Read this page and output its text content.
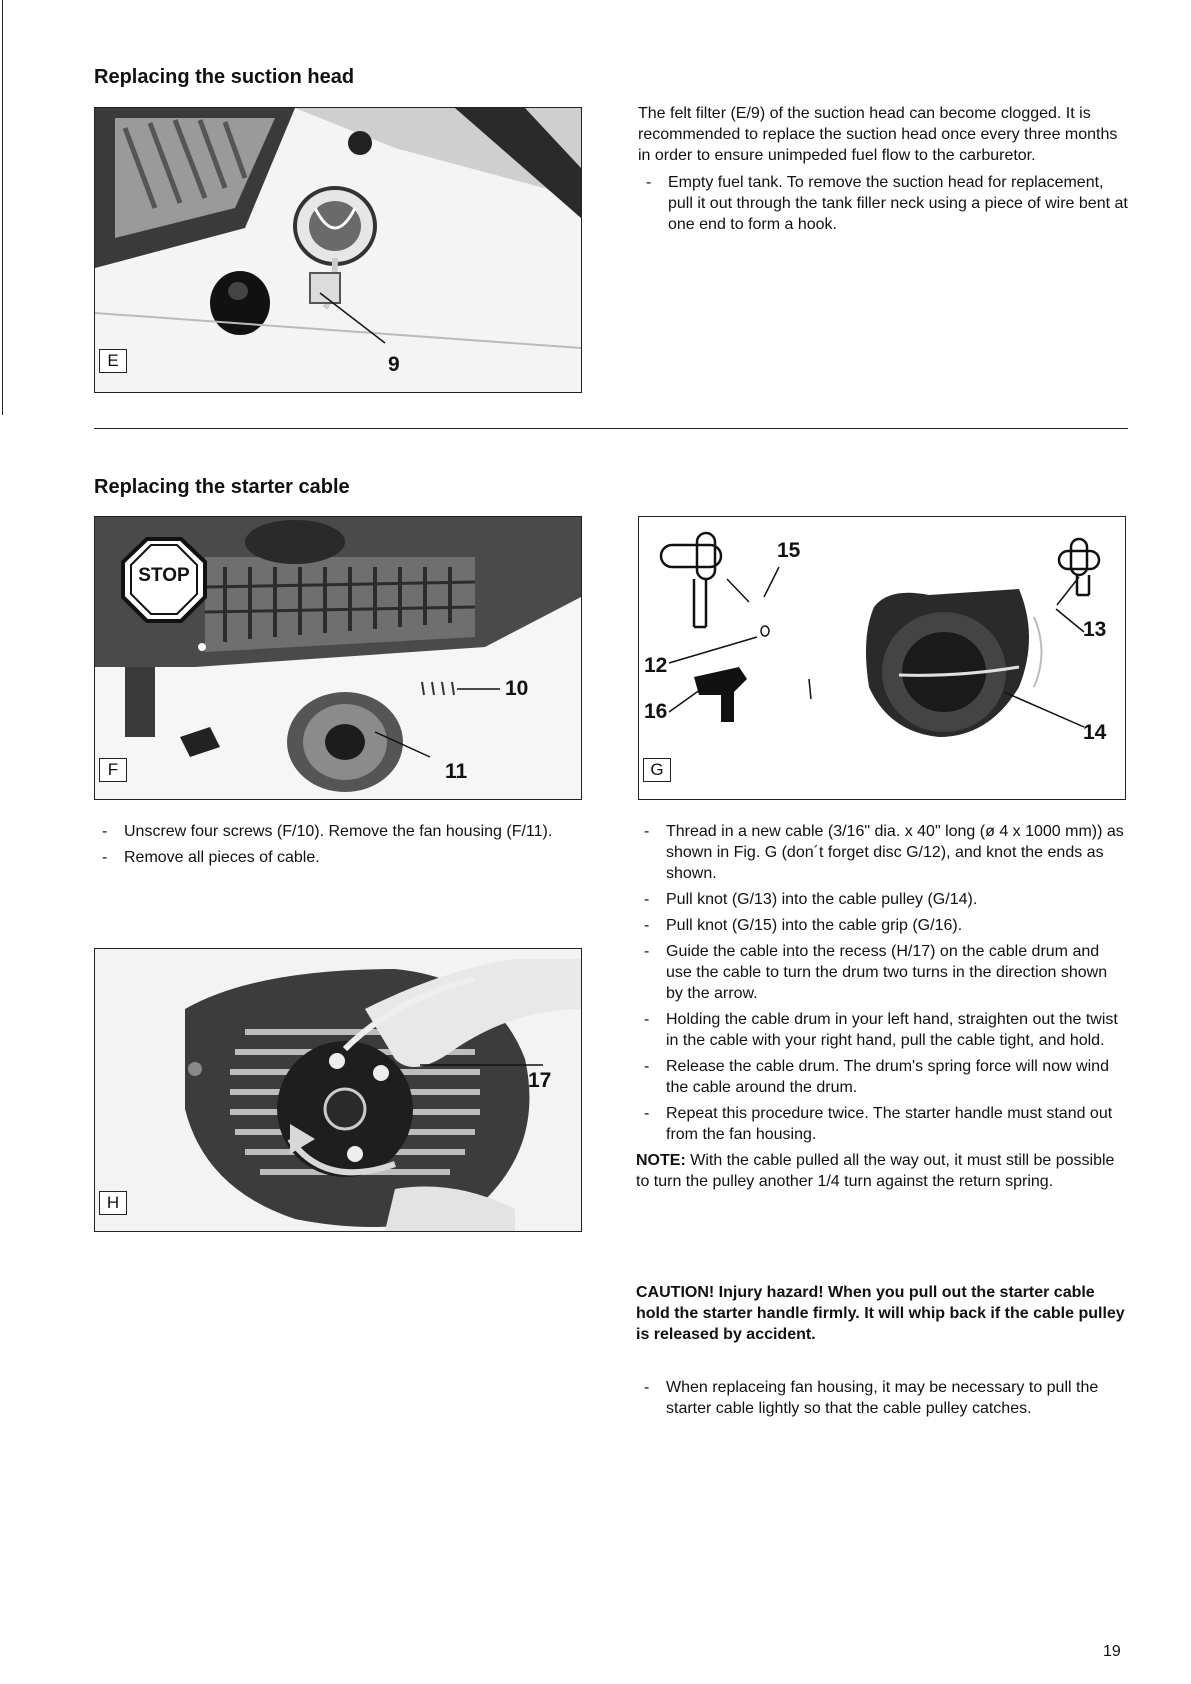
Replacing the suction head
E	9
The felt filter (E/9) of the suction head can become clogged. It is recommended to replace the suction head once every three months in order to ensure unimpeded fuel flow to the carburetor.
- Empty fuel tank. To remove the suction head for replacement, pull it out through the tank filler neck using a piece of wire bent at one end to form a hook.
Replacing the starter cable
STOP
10
11
F
15
13
12
16
14
G
- Unscrew four screws (F/10). Remove the fan housing (F/11).
- Remove all pieces of cable.
17
H
- Thread in a new cable (3/16" dia. x 40" long (ø 4 x 1000 mm)) as shown in Fig. G (don´t forget disc G/12), and knot the ends as shown.
- Pull knot (G/13) into the cable pulley (G/14).
- Pull knot (G/15) into the cable grip (G/16).
- Guide the cable into the recess (H/17) on the cable drum and use the cable to turn the drum two turns in the direction shown by the arrow.
- Holding the cable drum in your left hand, straighten out the twist in the cable with your right hand, pull the cable tight, and hold.
- Release the cable drum. The drum's spring force will now wind the cable around the drum.
- Repeat this procedure twice. The starter handle must stand out from the fan housing.
NOTE: With the cable pulled all the way out, it must still be possible to turn the pulley another 1/4 turn against the return spring.
CAUTION! Injury hazard! When you pull out the starter cable hold the starter handle firmly. It will whip back if the cable pulley is released by accident.
- When replaceing fan housing, it may be necessary to pull the starter cable lightly so that the cable pulley catches.
19
